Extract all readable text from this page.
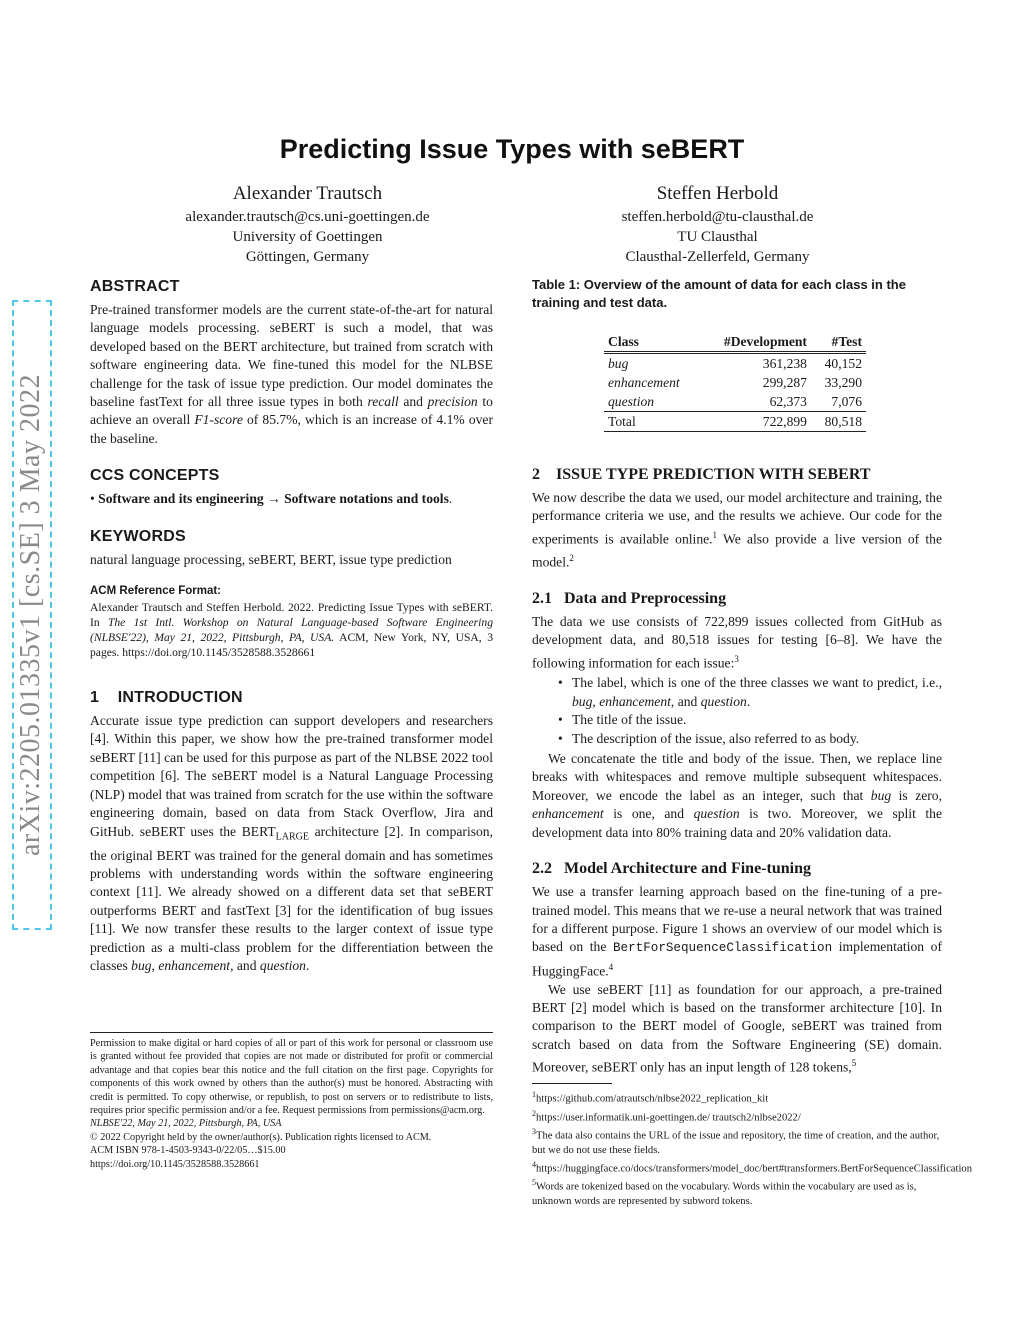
arXiv:2205.01335v1 [cs.SE] 3 May 2022
Predicting Issue Types with seBERT
Alexander Trautsch
alexander.trautsch@cs.uni-goettingen.de
University of Goettingen
Göttingen, Germany
Steffen Herbold
steffen.herbold@tu-clausthal.de
TU Clausthal
Clausthal-Zellerfeld, Germany
ABSTRACT

Pre-trained transformer models are the current state-of-the-art for natural language models processing. seBERT is such a model, that was developed based on the BERT architecture, but trained from scratch with software engineering data. We fine-tuned this model for the NLBSE challenge for the task of issue type prediction. Our model dominates the baseline fastText for all three issue types in both recall and precision to achieve an overall F1-score of 85.7%, which is an increase of 4.1% over the baseline.

CCS CONCEPTS

• Software and its engineering → Software notations and tools.

KEYWORDS

natural language processing, seBERT, BERT, issue type prediction

ACM Reference Format:

Alexander Trautsch and Steffen Herbold. 2022. Predicting Issue Types with seBERT. In The 1st Intl. Workshop on Natural Language-based Software Engineering (NLBSE'22), May 21, 2022, Pittsburgh, PA, USA. ACM, New York, NY, USA, 3 pages. https://doi.org/10.1145/3528588.3528661

1 INTRODUCTION

Accurate issue type prediction can support developers and researchers [4]. Within this paper, we show how the pre-trained transformer model seBERT [11] can be used for this purpose as part of the NLBSE 2022 tool competition [6]. The seBERT model is a Natural Language Processing (NLP) model that was trained from scratch for the use within the software engineering domain, based on data from Stack Overflow, Jira and GitHub. seBERT uses the $BERT_{LARGE}$ architecture [2]. In comparison, the original BERT was trained for the general domain and has sometimes problems with understanding words within the software engineering context [11]. We already showed on a different data set that seBERT outperforms BERT and fastText [3] for the identification of bug issues [11]. We now transfer these results to the larger context of issue type prediction as a multi-class problem for the differentiation between the classes bug, enhancement, and question.

Permission to make digital or hard copies of all or part of this work for personal or classroom use is granted without fee provided that copies are not made or distributed for profit or commercial advantage and that copies bear this notice and the full citation on the first page. Copyrights for components of this work owned by others than the author(s) must be honored. Abstracting with credit is permitted. To copy otherwise, or republish, to post on servers or to redistribute to lists, requires prior specific permission and/or a fee. Request permissions from permissions@acm.org.

NLBSE'22, May 21, 2022, Pittsburgh, PA, USA

© 2022 Copyright held by the owner/author(s). Publication rights licensed to ACM.

ACM ISBN 978-1-4503-9343-0/22/05…$15.00

https://doi.org/10.1145/3528588.3528661

Table 1: Overview of the amount of data for each class in the training and test data.

Class	#Development	#Test
bug	361,238	40,152
enhancement	299,287	33,290
question	62,373	7,076
Total	722,899	80,518
2 ISSUE TYPE PREDICTION WITH SEBERT

We now describe the data we used, our model architecture and training, the performance criteria we use, and the results we achieve. Our code for the experiments is available online.$^1$ We also provide a live version of the model.$^2$

2.1 Data and Preprocessing

The data we use consists of 722,899 issues collected from GitHub as development data, and 80,518 issues for testing [6–8]. We have the following information for each issue:$^3$

• The label, which is one of the three classes we want to predict, i.e., bug, enhancement, and question.
• The title of the issue.
• The description of the issue, also referred to as body.

We concatenate the title and body of the issue. Then, we replace line breaks with whitespaces and remove multiple subsequent whitespaces. Moreover, we encode the label as an integer, such that bug is zero, enhancement is one, and question is two. Moreover, we split the development data into 80% training data and 20% validation data.

2.2 Model Architecture and Fine-tuning

We use a transfer learning approach based on the fine-tuning of a pre-trained model. This means that we re-use a neural network that was trained for a different purpose. Figure 1 shows an overview of our model which is based on the BertForSequenceClassification implementation of HuggingFace.$^4$

We use seBERT [11] as foundation for our approach, a pre-trained BERT [2] model which is based on the transformer architecture [10]. In comparison to the BERT model of Google, seBERT was trained from scratch based on data from the Software Engineering (SE) domain. Moreover, seBERT only has an input length of 128 tokens,$^5$

$^1$https://github.com/atrautsch/nlbse2022_replication_kit

$^2$https://user.informatik.uni-goettingen.de/ trautsch2/nlbse2022/

$^3$The data also contains the URL of the issue and repository, the time of creation, and the author, but we do not use these fields.

$^4$https://huggingface.co/docs/transformers/model_doc/bert#transformers.BertForSequenceClassification

$^5$Words are tokenized based on the vocabulary. Words within the vocabulary are used as is, unknown words are represented by subword tokens.
